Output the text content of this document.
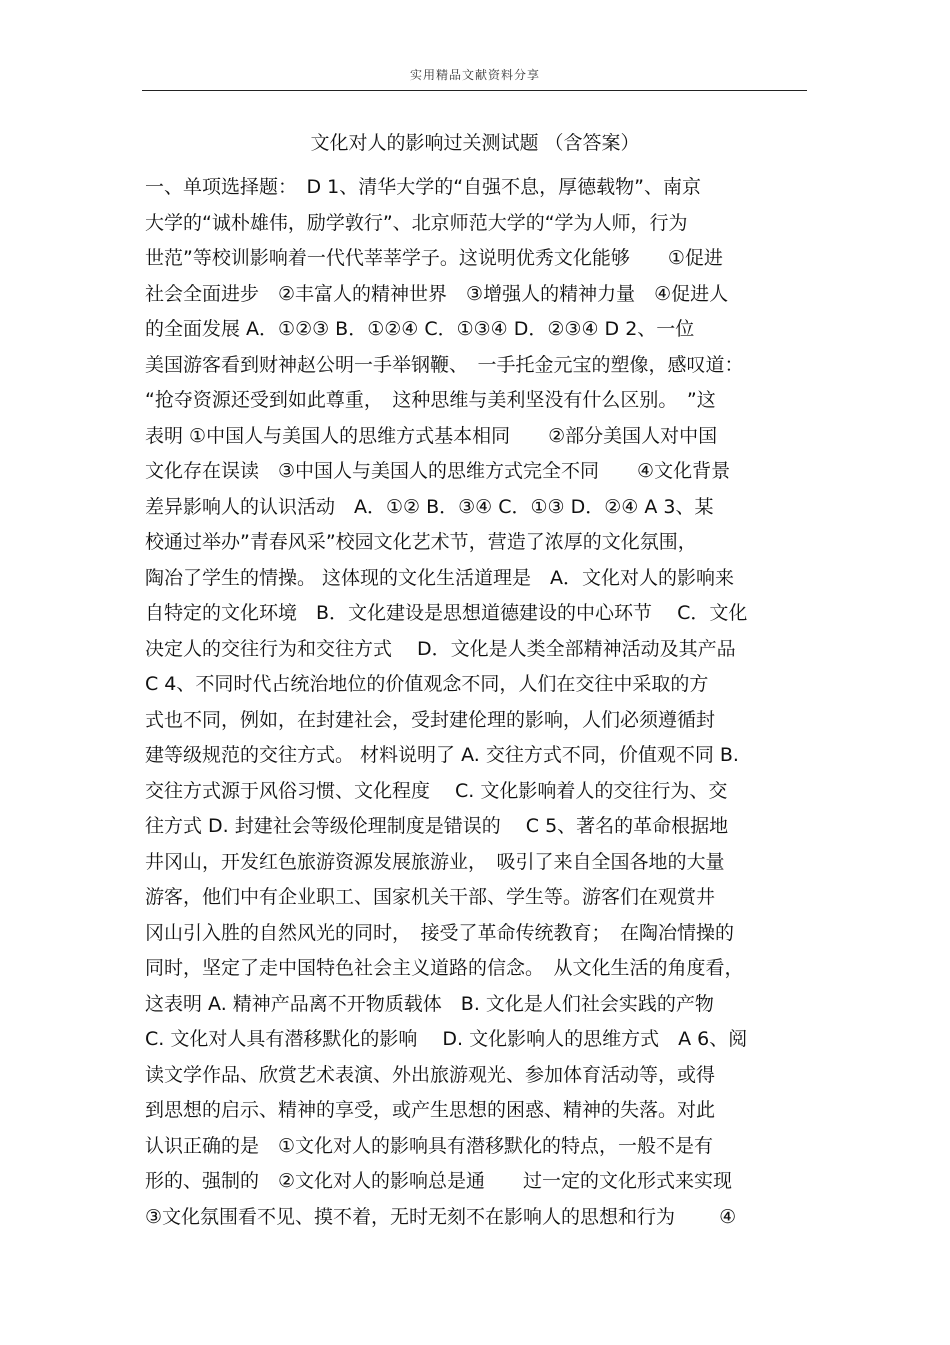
实用精品文献资料分享
文化对人的影响过关测试题 （含答案）
一、单项选择题：　D 1、清华大学的“自强不息，厚德载物”、南京
大学的“诚朴雄伟，励学敦行”、北京师范大学的“学为人师，行为
世范”等校训影响着一代代莘莘学子。这说明优秀文化能够　　①促进
社会全面进步　②丰富人的精神世界　③增强人的精神力量　④促进人
的全面发展 A．①②③ B．①②④ C．①③④ D．②③④ D 2、一位
美国游客看到财神赵公明一手举钢鞭、　一手托金元宝的塑像，感叹道：
“抢夺资源还受到如此尊重，　这种思维与美利坚没有什么区别。　”这
表明 ①中国人与美国人的思维方式基本相同　　②部分美国人对中国
文化存在误读　③中国人与美国人的思维方式完全不同　　④文化背景
差异影响人的认识活动　A．①② B．③④ C．①③ D．②④ A 3、某
校通过举办”青春风采”校园文化艺术节，营造了浓厚的文化氛围，
陶冶了学生的情操。 这体现的文化生活道理是　A．文化对人的影响来
自特定的文化环境　B．文化建设是思想道德建设的中心环节　 C．文化
决定人的交往行为和交往方式　 D．文化是人类全部精神活动及其产品
C 4、不同时代占统治地位的价值观念不同，人们在交往中采取的方
式也不同，例如，在封建社会，受封建伦理的影响，人们必须遵循封
建等级规范的交往方式。 材料说明了 A. 交往方式不同，价值观不同 B.
交往方式源于风俗习惯、文化程度　 C. 文化影响着人的交往行为、交
往方式 D. 封建社会等级伦理制度是错误的　 C 5、著名的革命根据地
井冈山，开发红色旅游资源发展旅游业，　吸引了来自全国各地的大量
游客，他们中有企业职工、国家机关干部、学生等。游客们在观赏井
冈山引入胜的自然风光的同时，　接受了革命传统教育；　在陶冶情操的
同时，坚定了走中国特色社会主义道路的信念。　从文化生活的角度看，
这表明 A. 精神产品离不开物质载体　B. 文化是人们社会实践的产物
C. 文化对人具有潜移默化的影响　 D. 文化影响人的思维方式　A 6、阅
读文学作品、欣赏艺术表演、外出旅游观光、参加体育活动等，或得
到思想的启示、精神的享受，或产生思想的困惑、精神的失落。对此
认识正确的是　①文化对人的影响具有潜移默化的特点，一般不是有
形的、强制的　②文化对人的影响总是通　　过一定的文化形式来实现
③文化氛围看不见、摸不着，无时无刻不在影响人的思想和行为　　 ④
